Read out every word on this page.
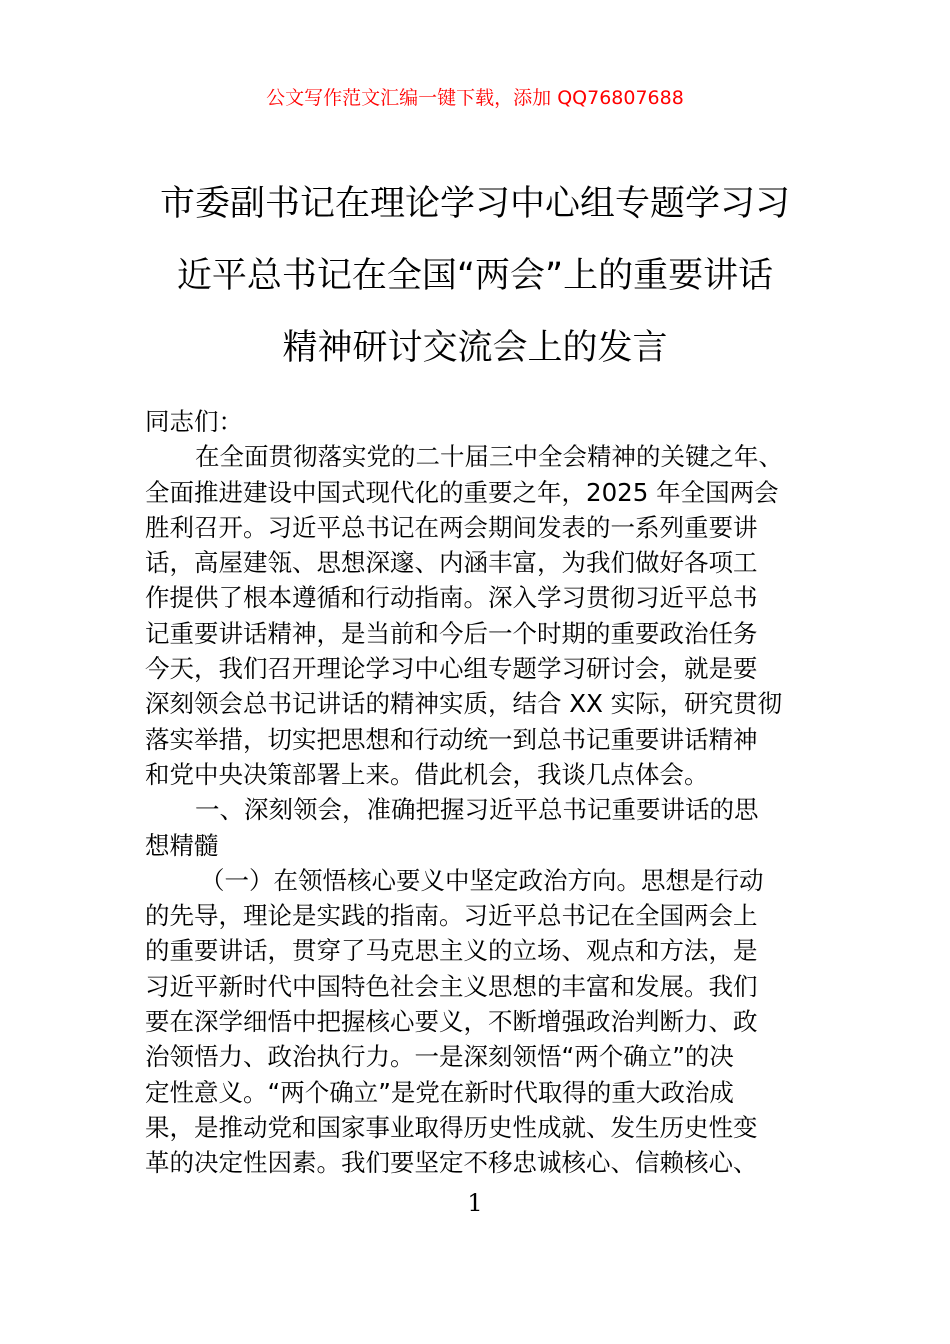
公文写作范文汇编一键下载，添加 QQ76807688
市委副书记在理论学习中心组专题学习习
近平总书记在全国“两会”上的重要讲话
精神研讨交流会上的发言
同志们：
在全面贯彻落实党的二十届三中全会精神的关键之年、
全面推进建设中国式现代化的重要之年，2025 年全国两会
胜利召开。习近平总书记在两会期间发表的一系列重要讲
话，高屋建瓴、思想深邃、内涵丰富，为我们做好各项工
作提供了根本遵循和行动指南。深入学习贯彻习近平总书
记重要讲话精神，是当前和今后一个时期的重要政治任务
今天，我们召开理论学习中心组专题学习研讨会，就是要
深刻领会总书记讲话的精神实质，结合 XX 实际，研究贯彻
落实举措，切实把思想和行动统一到总书记重要讲话精神
和党中央决策部署上来。借此机会，我谈几点体会。
一、深刻领会，准确把握习近平总书记重要讲话的思
想精髓
（一）在领悟核心要义中坚定政治方向。思想是行动
的先导，理论是实践的指南。习近平总书记在全国两会上
的重要讲话，贯穿了马克思主义的立场、观点和方法，是
习近平新时代中国特色社会主义思想的丰富和发展。我们
要在深学细悟中把握核心要义，不断增强政治判断力、政
治领悟力、政治执行力。一是深刻领悟“两个确立”的决
定性意义。“两个确立”是党在新时代取得的重大政治成
果，是推动党和国家事业取得历史性成就、发生历史性变
革的决定性因素。我们要坚定不移忠诚核心、信赖核心、
1
